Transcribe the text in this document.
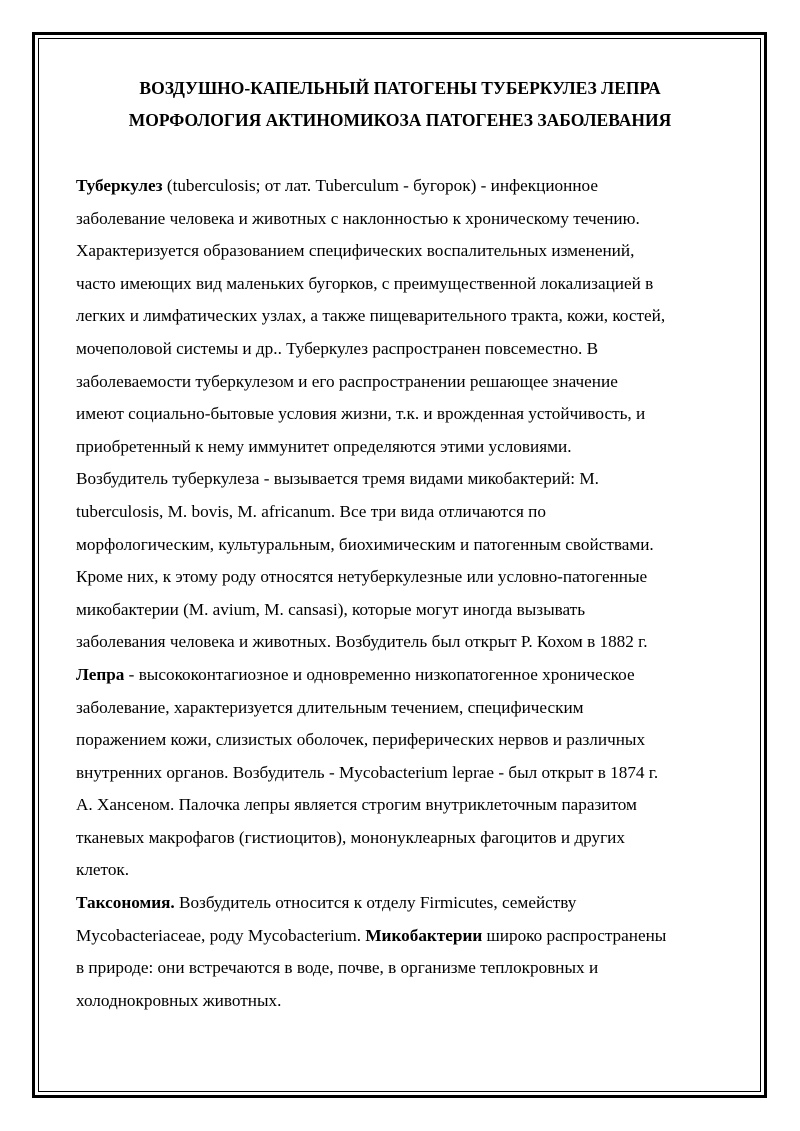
ВОЗДУШНО-КАПЕЛЬНЫЙ ПАТОГЕНЫ ТУБЕРКУЛЕЗ ЛЕПРА
МОРФОЛОГИЯ АКТИНОМИКОЗА ПАТОГЕНЕЗ ЗАБОЛЕВАНИЯ
Туберкулез (tuberculosis; от лат. Tuberculum - бугорок) - инфекционное
заболевание человека и животных с наклонностью к хроническому течению.
Характеризуется образованием специфических воспалительных изменений,
часто имеющих вид маленьких бугорков, с преимущественной локализацией в
легких и лимфатических узлах, а также пищеварительного тракта, кожи, костей,
мочеполовой системы и др.. Туберкулез распространен повсеместно. В
заболеваемости туберкулезом и его распространении решающее значение
имеют социально-бытовые условия жизни, т.к. и врожденная устойчивость, и
приобретенный к нему иммунитет определяются этими условиями.
Возбудитель туберкулеза - вызывается тремя видами микобактерий: M.
tuberculosis, M. bovis, M. africanum. Все три вида отличаются по
морфологическим, культуральным, биохимическим и патогенным свойствами.
Кроме них, к этому роду относятся нетуберкулезные или условно-патогенные
микобактерии (M. avium, M. cansasi), которые могут иногда вызывать
заболевания человека и животных. Возбудитель был открыт Р. Кохом в 1882 г.
Лепра - высококонтагиозное и одновременно низкопатогенное хроническое
заболевание, характеризуется длительным течением, специфическим
поражением кожи, слизистых оболочек, периферических нервов и различных
внутренних органов. Возбудитель - Mycobacterium leprae - был открыт в 1874 г.
А. Хансеном. Палочка лепры является строгим внутриклеточным паразитом
тканевых макрофагов (гистиоцитов), мононуклеарных фагоцитов и других
клеток.
Таксономия. Возбудитель относится к отделу Firmicutes, семейству
Mycobacteriaceae, роду Mycobacterium. Микобактерии широко распространены
в природе: они встречаются в воде, почве, в организме теплокровных и
холоднокровных животных.
